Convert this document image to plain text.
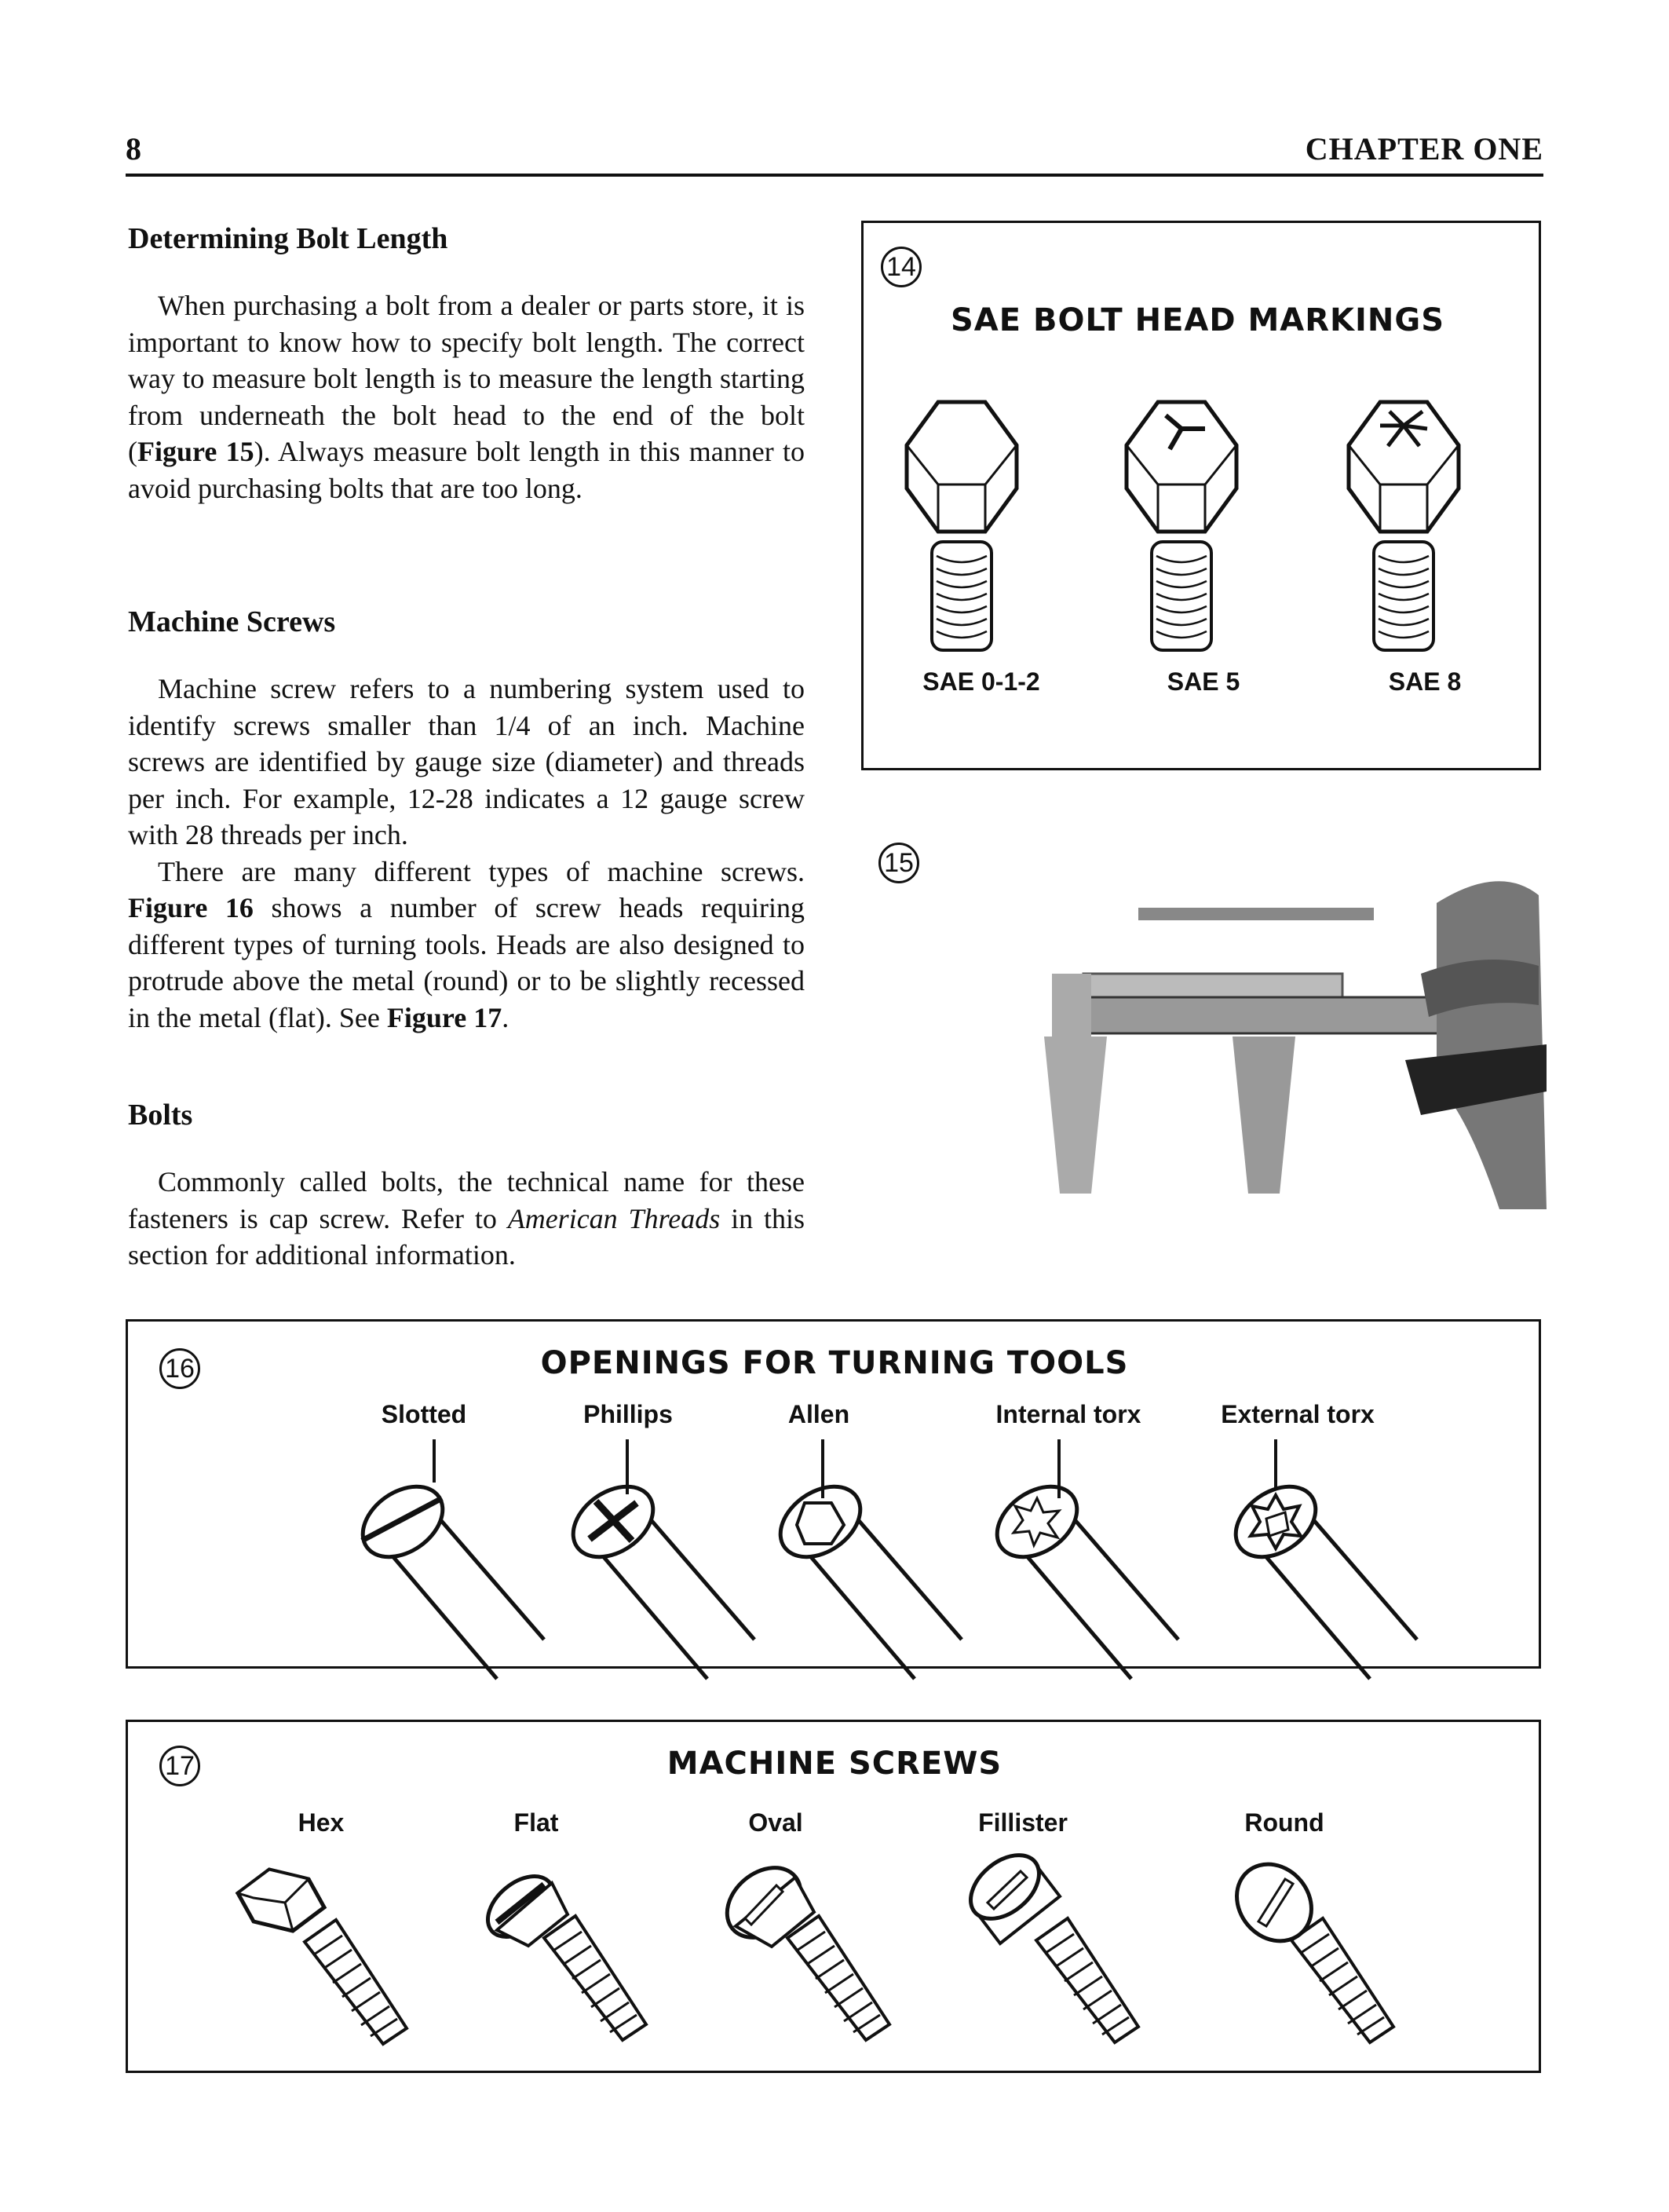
8	CHAPTER ONE
Determining Bolt Length

When purchasing a bolt from a dealer or parts store, it is important to know how to specify bolt length. The correct way to measure bolt length is to measure the length starting from underneath the bolt head to the end of the bolt (Figure 15). Always measure bolt length in this manner to avoid purchasing bolts that are too long.

Machine Screws

Machine screw refers to a numbering system used to identify screws smaller than 1/4 of an inch. Machine screws are identified by gauge size (diameter) and threads per inch. For example, 12-28 indicates a 12 gauge screw with 28 threads per inch.

There are many different types of machine screws. Figure 16 shows a number of screw heads requiring different types of turning tools. Heads are also designed to protrude above the metal (round) or to be slightly recessed in the metal (flat). See Figure 17.

Bolts

Commonly called bolts, the technical name for these fasteners is cap screw. Refer to American Threads in this section for additional information.

14
SAE BOLT HEAD MARKINGS
SAE 0-1-2	SAE 5	SAE 8
15
16	OPENINGS FOR TURNING TOOLS
Slotted	Phillips	Allen	Internal torx	External torx
17	MACHINE SCREWS
Hex	Flat	Oval	Fillister	Round
